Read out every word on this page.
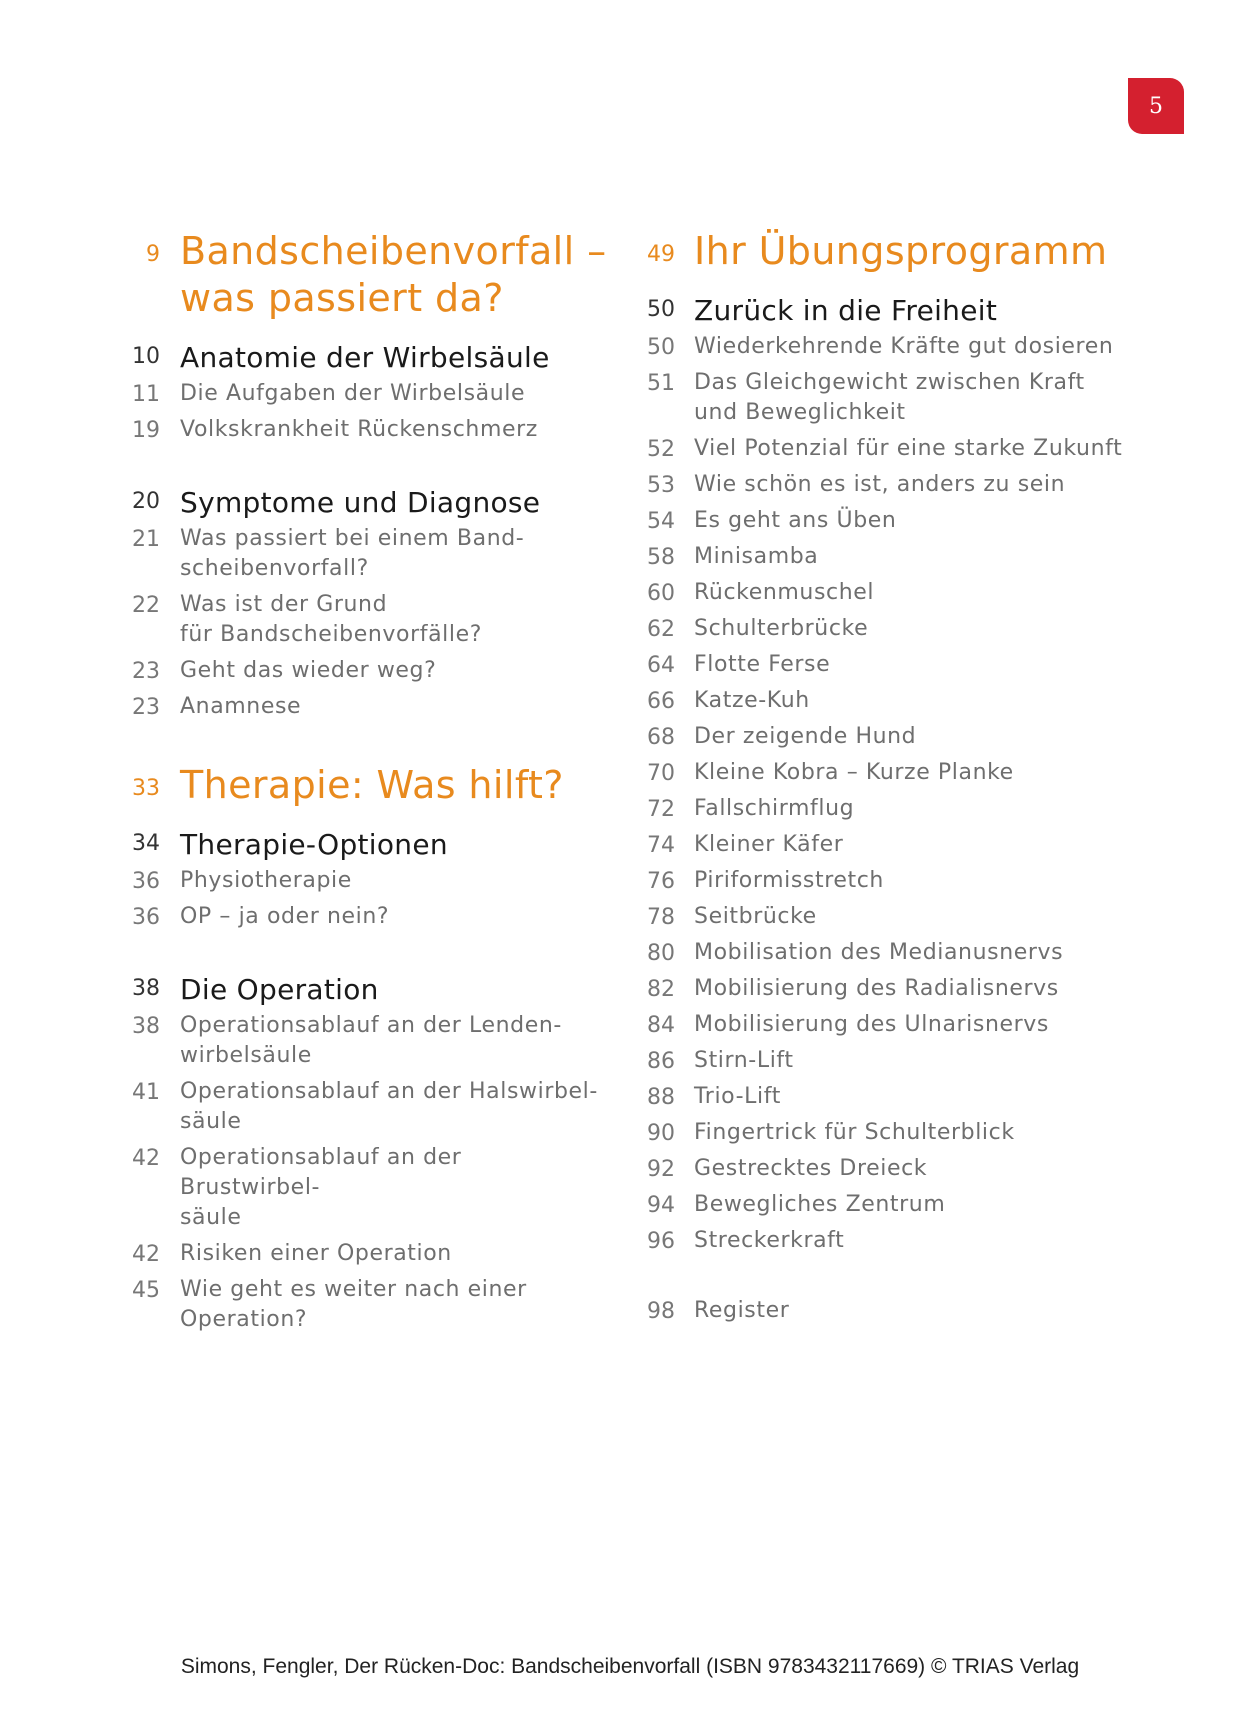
5
9 Bandscheibenvorfall –
was passiert da?
10 Anatomie der Wirbelsäule
11 Die Aufgaben der Wirbelsäule
19 Volkskrankheit Rückenschmerz
20 Symptome und Diagnose
21 Was passiert bei einem Band-
scheibenvorfall?
22 Was ist der Grund
für Bandscheibenvorfälle?
23 Geht das wieder weg?
23 Anamnese
33 Therapie: Was hilft?
34 Therapie-Optionen
36 Physiotherapie
36 OP – ja oder nein?
38 Die Operation
38 Operationsablauf an der Lenden-
wirbelsäule
41 Operationsablauf an der Halswirbel-
säule
42 Operationsablauf an der Brustwirbel-
säule
42 Risiken einer Operation
45 Wie geht es weiter nach einer
Operation?
49 Ihr Übungsprogramm
50 Zurück in die Freiheit
50 Wiederkehrende Kräfte gut dosieren
51 Das Gleichgewicht zwischen Kraft
und Beweglichkeit
52 Viel Potenzial für eine starke Zukunft
53 Wie schön es ist, anders zu sein
54 Es geht ans Üben
58 Minisamba
60 Rückenmuschel
62 Schulterbrücke
64 Flotte Ferse
66 Katze-Kuh
68 Der zeigende Hund
70 Kleine Kobra – Kurze Planke
72 Fallschirmflug
74 Kleiner Käfer
76 Piriformisstretch
78 Seitbrücke
80 Mobilisation des Medianusnervs
82 Mobilisierung des Radialisnervs
84 Mobilisierung des Ulnarisnervs
86 Stirn-Lift
88 Trio-Lift
90 Fingertrick für Schulterblick
92 Gestrecktes Dreieck
94 Bewegliches Zentrum
96 Streckerkraft
98 Register
Simons, Fengler, Der Rücken-Doc: Bandscheibenvorfall (ISBN 9783432117669) © TRIAS Verlag
